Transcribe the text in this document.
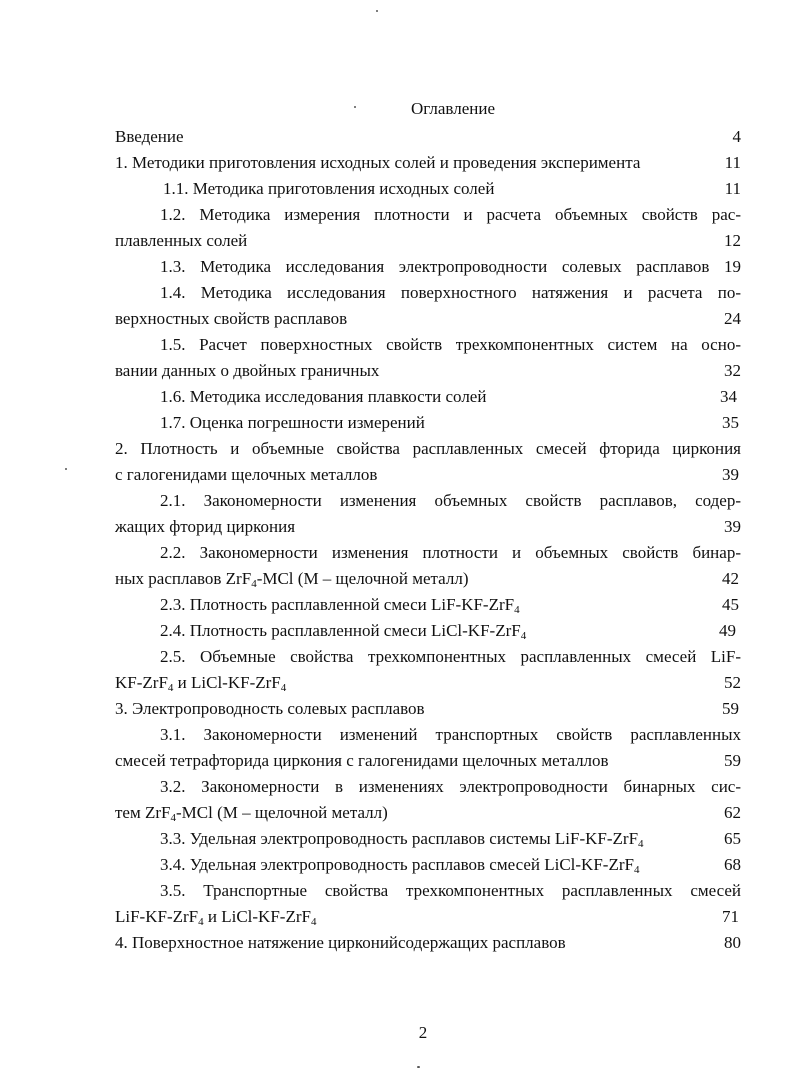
Оглавление
Введение	4
1. Методики приготовления исходных солей и проведения эксперимента	11
1.1. Методика приготовления исходных солей	11
1.2. Методика измерения плотности и расчета объемных свойств рас-
плавленных солей	12
1.3. Методика исследования электропроводности солевых расплавов 19
1.4. Методика исследования поверхностного натяжения и расчета по-
верхностных свойств расплавов	24
1.5. Расчет поверхностных свойств трехкомпонентных систем на осно-
вании данных о двойных граничных	32
1.6. Методика исследования плавкости солей	34
1.7. Оценка погрешности измерений	35
2. Плотность и объемные свойства расплавленных смесей фторида циркония
с галогенидами щелочных металлов	39
2.1. Закономерности изменения объемных свойств расплавов, содер-
жащих фторид циркония	39
2.2. Закономерности изменения плотности и объемных свойств бинар-
ных расплавов ZrF$_4$-MCl (М – щелочной металл)	42
2.3. Плотность расплавленной смеси LiF-KF-ZrF$_4$	45
2.4. Плотность расплавленной смеси LiCl-KF-ZrF$_4$	49
2.5. Объемные свойства трехкомпонентных расплавленных смесей LiF-
KF-ZrF$_4$ и LiCl-KF-ZrF$_4$	52
3. Электропроводность солевых расплавов	59
3.1. Закономерности изменений транспортных свойств расплавленных
смесей тетрафторида циркония с галогенидами щелочных металлов	59
3.2. Закономерности в изменениях электропроводности бинарных сис-
тем ZrF$_4$-MCl (М – щелочной металл)	62
3.3. Удельная электропроводность расплавов системы LiF-KF-ZrF$_4$	65
3.4. Удельная электропроводность расплавов смесей LiCl-KF-ZrF$_4$	68
3.5. Транспортные свойства трехкомпонентных расплавленных смесей
LiF-KF-ZrF$_4$ и LiCl-KF-ZrF$_4$	71
4. Поверхностное натяжение цирконийсодержащих расплавов	80
2
